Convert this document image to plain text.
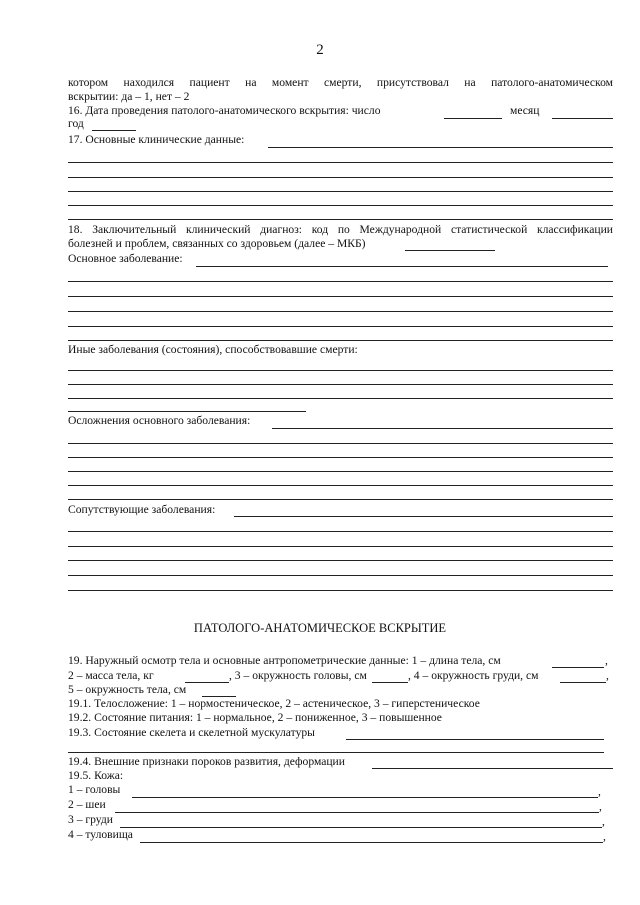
2
котором находился пациент на момент смерти, присутствовал на патолого-анатомическом
вскрытии: да – 1, нет – 2
16. Дата проведения патолого-анатомического вскрытия: число	месяц
год
17. Основные клинические данные:
18. Заключительный клинический диагноз: код по Международной статистической классификации
болезней и проблем, связанных со здоровьем (далее – МКБ)
Основное заболевание:
Иные заболевания (состояния), способствовавшие смерти:
Осложнения основного заболевания:
Сопутствующие заболевания:
ПАТОЛОГО-АНАТОМИЧЕСКОЕ ВСКРЫТИЕ
19. Наружный осмотр тела и основные антропометрические данные: 1 – длина тела, см	,
2 – масса тела, кг	, 3 – окружность головы, см	, 4 – окружность груди, см	,
5 – окружность тела, см
19.1. Телосложение: 1 – нормостеническое, 2 – астеническое, 3 – гиперстеническое
19.2. Состояние питания: 1 – нормальное, 2 – пониженное, 3 – повышенное
19.3. Состояние скелета и скелетной мускулатуры
19.4. Внешние признаки пороков развития, деформации
19.5. Кожа:
1 – головы	,
2 – шеи	,
3 – груди	,
4 – туловища	,
